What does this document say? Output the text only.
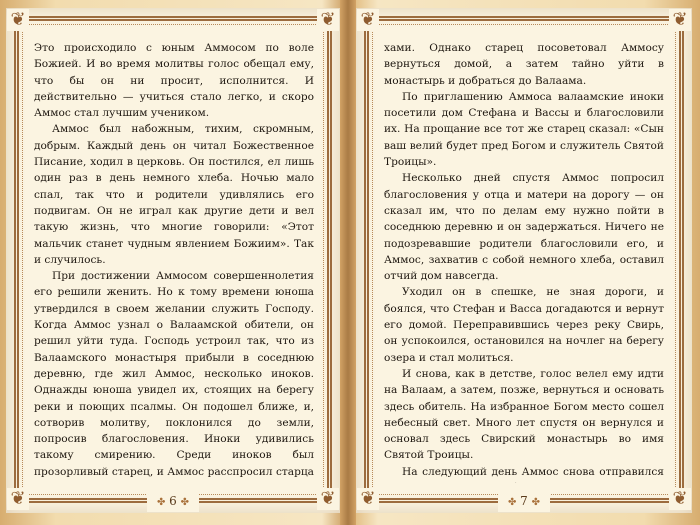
❦	❦
❦	❦
✤ 6 ✤

Это происходило с юным Аммосом по воле Божией. И во время молитвы голос обещал ему, что бы он ни просит, исполнится. И действительно — учиться стало легко, и скоро Аммос стал лучшим учеником.

Аммос был набожным, тихим, скромным, добрым. Каждый день он читал Божественное Писание, ходил в церковь. Он постился, ел лишь один раз в день немного хлеба. Ночью мало спал, так что и родители удивлялись его подвигам. Он не играл как другие дети и вел такую жизнь, что многие говорили: «Этот мальчик станет чудным явлением Божиим». Так и случилось.

При достижении Аммосом совершеннолетия его решили женить. Но к тому времени юноша утвердился в своем желании служить Господу. Когда Аммос узнал о Валаамской обители, он решил уйти туда. Господь устроил так, что из Валаамского монастыря прибыли в соседнюю деревню, где жил Аммос, несколько иноков. Однажды юноша увидел их, стоящих на берегу реки и поющих псалмы. Он подошел ближе, и, сотворив молитву, поклонился до земли, попросив благословения. Иноки удивились такому смирению. Среди иноков был прозорливый старец, и Аммос расспросил старца

❦	❦
❦	❦
✤ 7 ✤

хами. Однако старец посоветовал Аммосу вернуться домой, а затем тайно уйти в монастырь и добраться до Валаама.

По приглашению Аммоса валаамские иноки посетили дом Стефана и Вассы и благословили их. На прощание все тот же старец сказал: «Сын ваш велий будет пред Богом и служитель Святой Троицы».

Несколько дней спустя Аммос попросил благословения у отца и матери на дорогу — он сказал им, что по делам ему нужно пойти в соседнюю деревню и он задержаться. Ничего не подозревавшие родители благословили его, и Аммос, захватив с собой немного хлеба, оставил отчий дом навсегда.

Уходил он в спешке, не зная дороги, и боялся, что Стефан и Васса догадаются и вернут его домой. Переправившись через реку Свирь, он успокоился, остановился на ночлег на берегу озера и стал молиться.

И снова, как в детстве, голос велел ему идти на Валаам, а затем, позже, вернуться и основать здесь обитель. На избранное Богом место сошел небесный свет. Много лет спустя он вернулся и основал здесь Свирский монастырь во имя Святой Троицы.

На следующий день Аммос снова отправился
